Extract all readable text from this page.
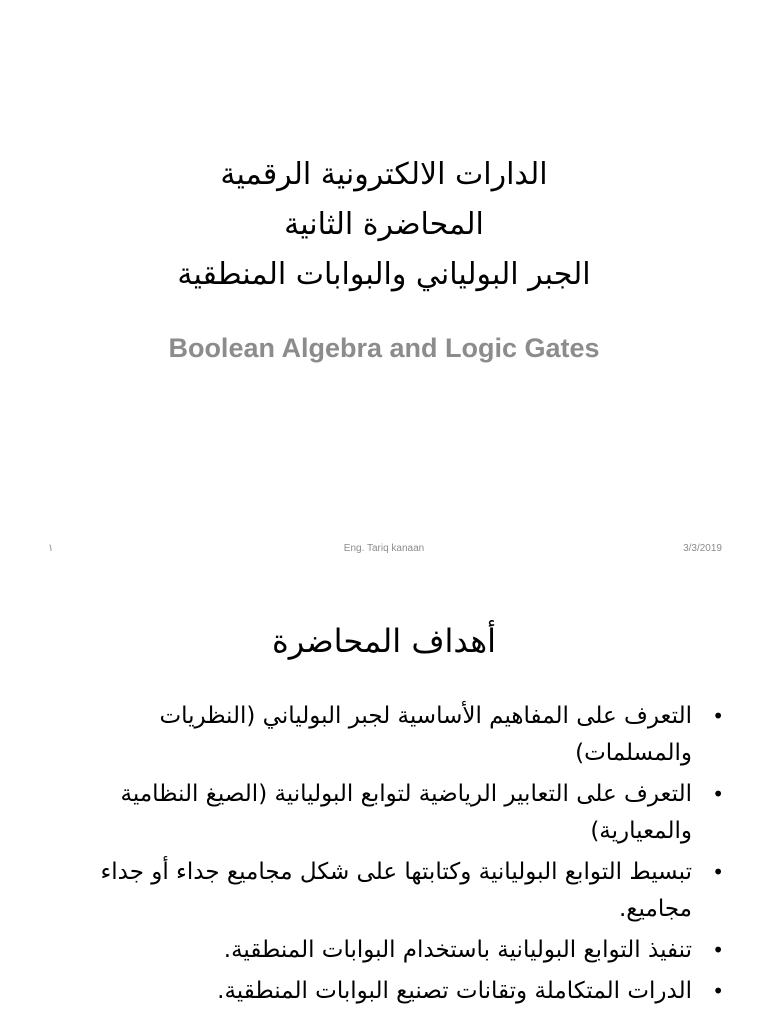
الدارات الالكترونية الرقمية
المحاضرة الثانية
الجبر البولياني والبوابات المنطقية
Boolean Algebra and Logic Gates
١	Eng. Tariq kanaan	3/3/2019
أهداف المحاضرة
•
التعرف على المفاهيم الأساسية لجبر البولياني (النظريات والمسلمات)
•
التعرف على التعابير الرياضية لتوابع البوليانية (الصيغ النظامية والمعيارية)
•
تبسيط التوابع البوليانية وكتابتها على شكل مجاميع جداء أو جداء مجاميع.
•
تنفيذ التوابع البوليانية باستخدام البوابات المنطقية.
•
الدرات المتكاملة وتقانات تصنيع البوابات المنطقية.
